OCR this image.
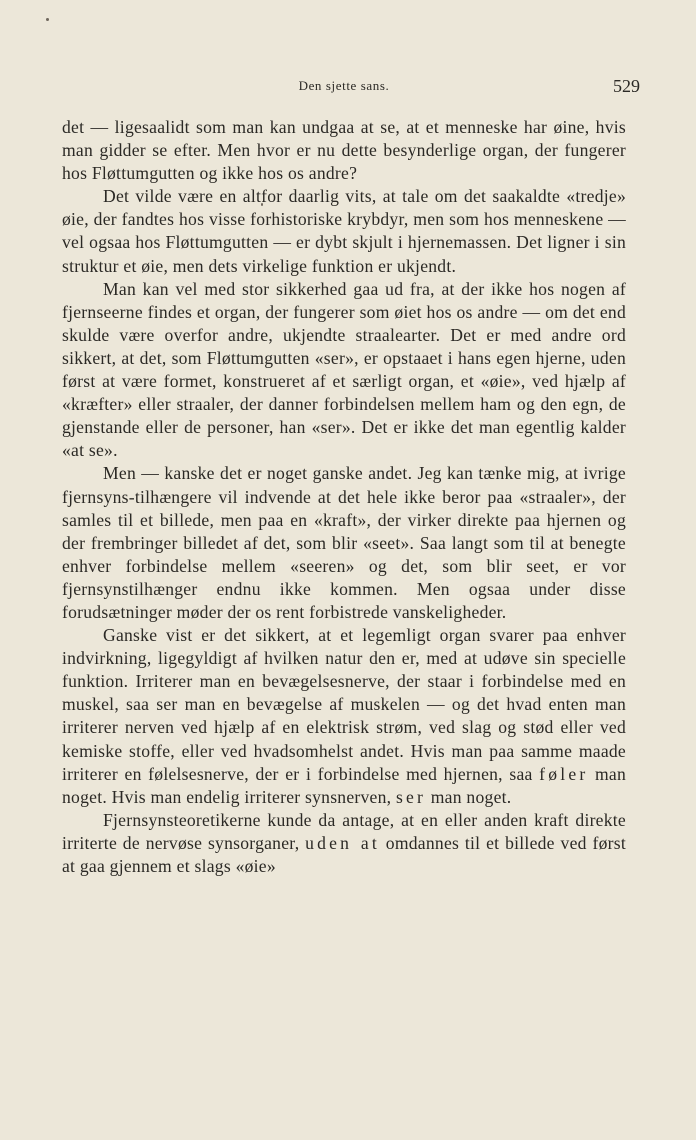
Den sjette sans.	529

det — ligesaalidt som man kan undgaa at se, at et menneske har øine, hvis man gidder se efter. Men hvor er nu dette besynderlige organ, der fungerer hos Fløttumgutten og ikke hos os andre?

Det vilde være en altfor daarlig vits, at tale om det saakaldte «tredje» øie, der fandtes hos visse forhistoriske krybdyr, men som hos menneskene — vel ogsaa hos Fløttumgutten — er dybt skjult i hjernemassen. Det ligner i sin struktur et øie, men dets virkelige funktion er ukjendt.

Man kan vel med stor sikkerhed gaa ud fra, at der ikke hos nogen af fjernseerne findes et organ, der fungerer som øiet hos os andre — om det end skulde være overfor andre, ukjendte straalearter. Det er med andre ord sikkert, at det, som Fløttumgutten «ser», er opstaaet i hans egen hjerne, uden først at være formet, konstrueret af et særligt organ, et «øie», ved hjælp af «kræfter» eller straaler, der danner forbindelsen mellem ham og den egn, de gjenstande eller de personer, han «ser». Det er ikke det man egentlig kalder «at se».

Men — kanske det er noget ganske andet. Jeg kan tænke mig, at ivrige fjernsyns-tilhængere vil indvende at det hele ikke beror paa «straaler», der samles til et billede, men paa en «kraft», der virker direkte paa hjernen og der frembringer billedet af det, som blir «seet». Saa langt som til at benegte enhver forbindelse mellem «seeren» og det, som blir seet, er vor fjernsynstilhænger endnu ikke kommen. Men ogsaa under disse forudsætninger møder der os rent forbistrede vanskeligheder.

Ganske vist er det sikkert, at et legemligt organ svarer paa enhver indvirkning, ligegyldigt af hvilken natur den er, med at udøve sin specielle funktion. Irriterer man en bevægelsesnerve, der staar i forbindelse med en muskel, saa ser man en bevægelse af muskelen — og det hvad enten man irriterer nerven ved hjælp af en elektrisk strøm, ved slag og stød eller ved kemiske stoffe, eller ved hvadsomhelst andet. Hvis man paa samme maade irriterer en følelsesnerve, der er i forbindelse med hjernen, saa føler man noget. Hvis man endelig irriterer synsnerven, ser man noget.

Fjernsynsteoretikerne kunde da antage, at en eller anden kraft direkte irriterte de nervøse synsorganer, uden at omdannes til et billede ved først at gaa gjennem et slags «øie»
